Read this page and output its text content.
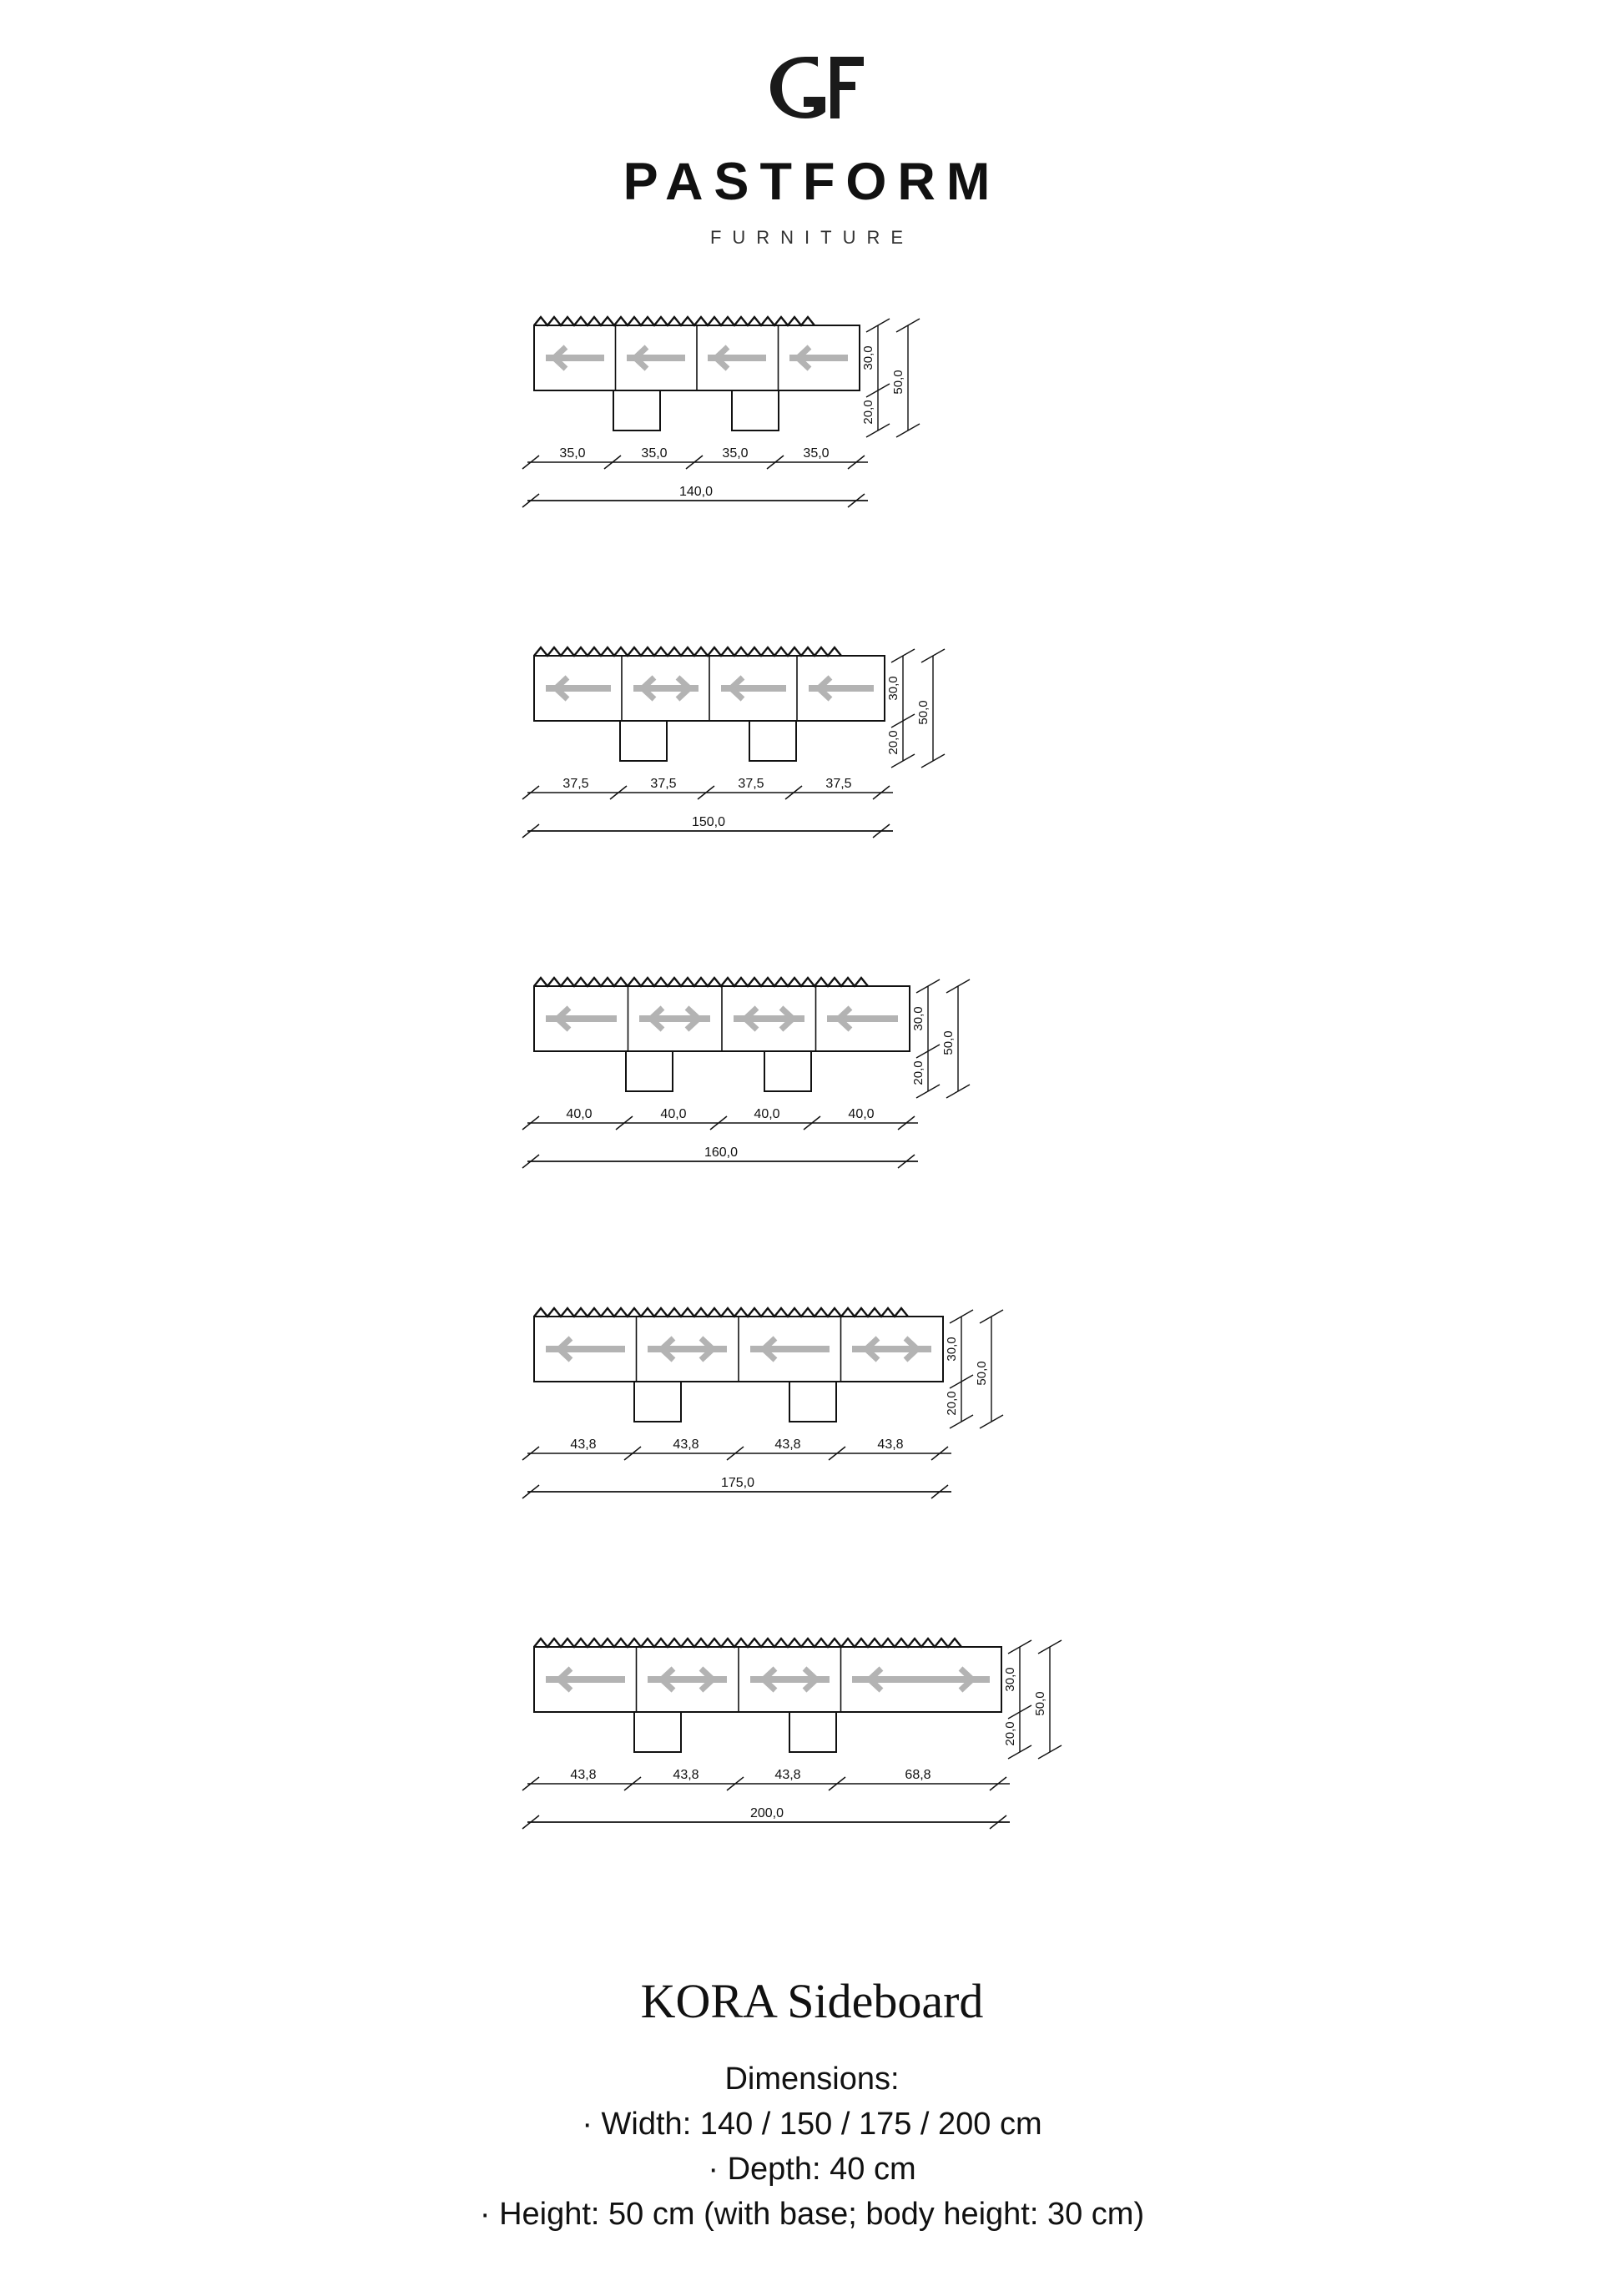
PASTFORM
FURNITURE
30,0
50,0
20,0
35,0	35,0	35,0	35,0
140,0
30,0
50,0
20,0
37,5	37,5	37,5	37,5
150,0
30,0
50,0
20,0
40,0	40,0	40,0	40,0
160,0
30,0
50,0
20,0
43,8	43,8	43,8	43,8
175,0
30,0
50,0
20,0
43,8	43,8	43,8	68,8
200,0
KORA Sideboard
Dimensions:
· Width: 140 / 150 / 175 / 200 cm
· Depth: 40 cm
· Height: 50 cm (with base; body height: 30 cm)
